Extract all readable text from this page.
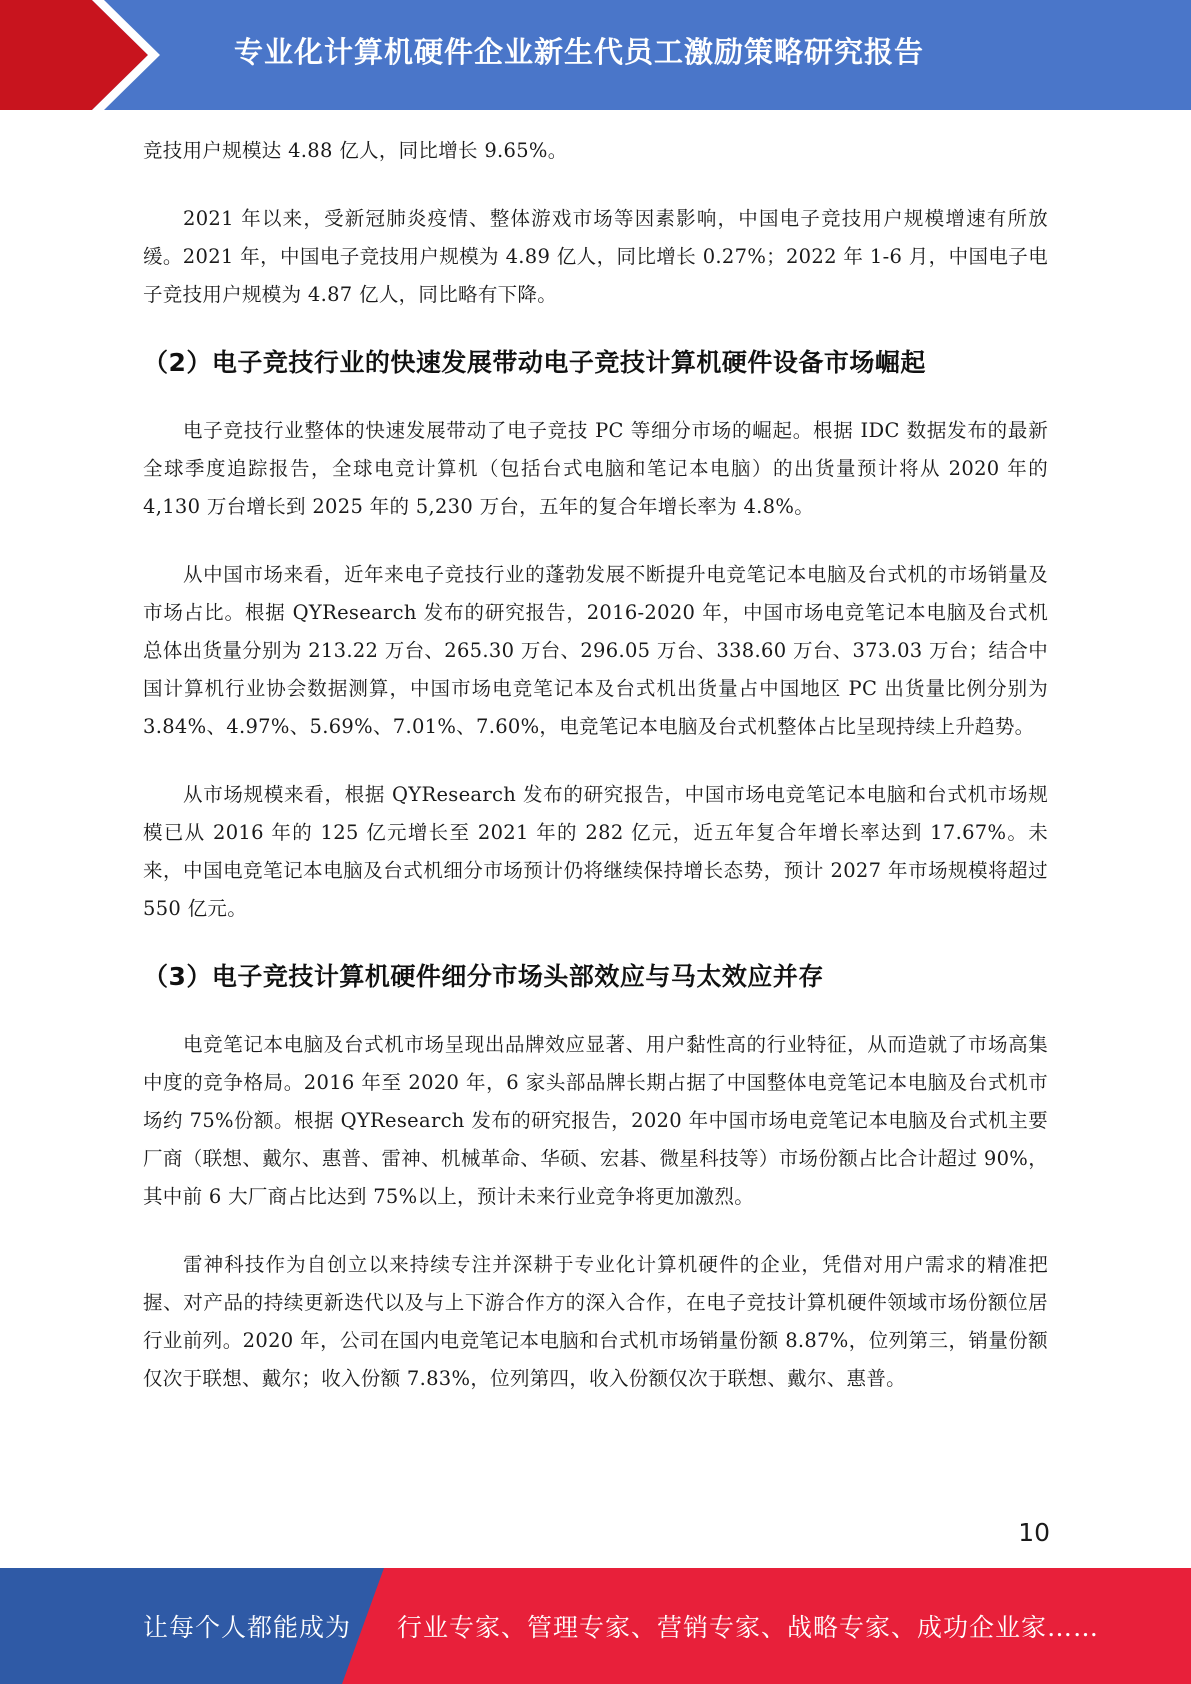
专业化计算机硬件企业新生代员工激励策略研究报告

竞技用户规模达 4.88 亿人，同比增长 9.65%。

2021 年以来，受新冠肺炎疫情、整体游戏市场等因素影响，中国电子竞技用户规模增速有所放缓。2021 年，中国电子竞技用户规模为 4.89 亿人，同比增长 0.27%；2022 年 1-6 月，中国电子电子竞技用户规模为 4.87 亿人，同比略有下降。

（2）电子竞技行业的快速发展带动电子竞技计算机硬件设备市场崛起

电子竞技行业整体的快速发展带动了电子竞技 PC 等细分市场的崛起。根据 IDC 数据发布的最新全球季度追踪报告，全球电竞计算机（包括台式电脑和笔记本电脑）的出货量预计将从 2020 年的 4,130 万台增长到 2025 年的 5,230 万台，五年的复合年增长率为 4.8%。

从中国市场来看，近年来电子竞技行业的蓬勃发展不断提升电竞笔记本电脑及台式机的市场销量及市场占比。根据 QYResearch 发布的研究报告，2016-2020 年，中国市场电竞笔记本电脑及台式机总体出货量分别为 213.22 万台、265.30 万台、296.05 万台、338.60 万台、373.03 万台；结合中国计算机行业协会数据测算，中国市场电竞笔记本及台式机出货量占中国地区 PC 出货量比例分别为 3.84%、4.97%、5.69%、7.01%、7.60%，电竞笔记本电脑及台式机整体占比呈现持续上升趋势。

从市场规模来看，根据 QYResearch 发布的研究报告，中国市场电竞笔记本电脑和台式机市场规模已从 2016 年的 125 亿元增长至 2021 年的 282 亿元，近五年复合年增长率达到 17.67%。未来，中国电竞笔记本电脑及台式机细分市场预计仍将继续保持增长态势，预计 2027 年市场规模将超过 550 亿元。

（3）电子竞技计算机硬件细分市场头部效应与马太效应并存

电竞笔记本电脑及台式机市场呈现出品牌效应显著、用户黏性高的行业特征，从而造就了市场高集中度的竞争格局。2016 年至 2020 年，6 家头部品牌长期占据了中国整体电竞笔记本电脑及台式机市场约 75%份额。根据 QYResearch 发布的研究报告，2020 年中国市场电竞笔记本电脑及台式机主要厂商（联想、戴尔、惠普、雷神、机械革命、华硕、宏碁、微星科技等）市场份额占比合计超过 90%，其中前 6 大厂商占比达到 75%以上，预计未来行业竞争将更加激烈。

雷神科技作为自创立以来持续专注并深耕于专业化计算机硬件的企业，凭借对用户需求的精准把握、对产品的持续更新迭代以及与上下游合作方的深入合作，在电子竞技计算机硬件领域市场份额位居行业前列。2020 年，公司在国内电竞笔记本电脑和台式机市场销量份额 8.87%，位列第三，销量份额仅次于联想、戴尔；收入份额 7.83%，位列第四，收入份额仅次于联想、戴尔、惠普。

10
让每个人都能成为 行业专家、管理专家、营销专家、战略专家、成功企业家……
